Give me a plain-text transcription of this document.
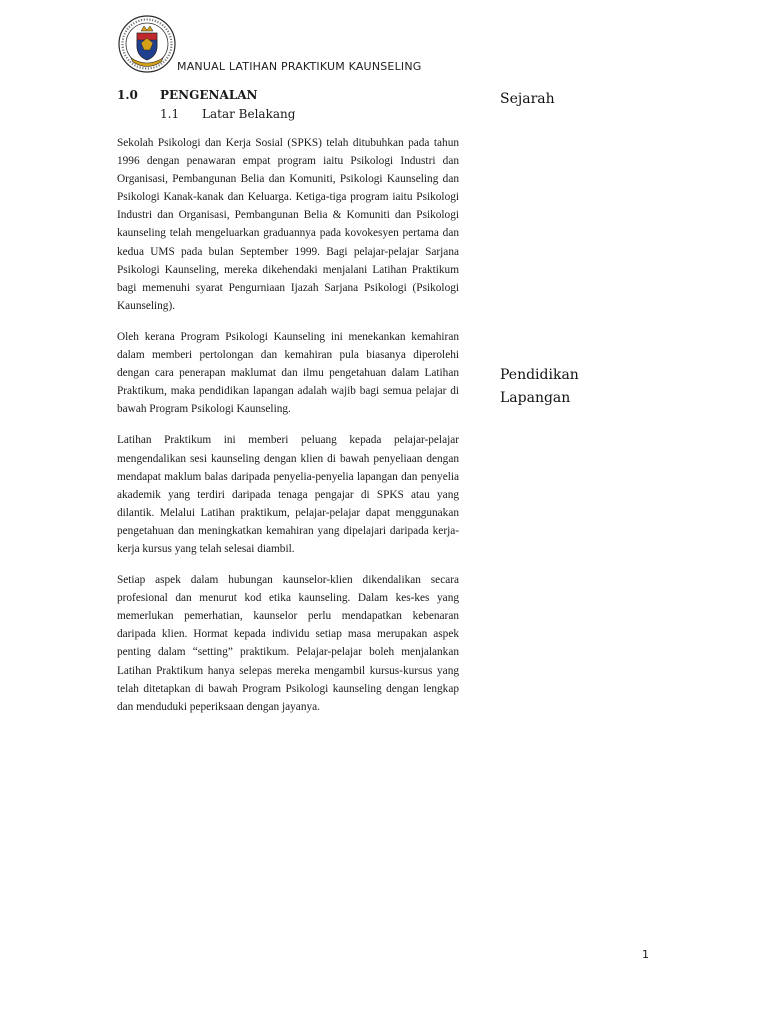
MANUAL LATIHAN PRAKTIKUM KAUNSELING
1.0 PENGENALAN
1.1 Latar Belakang

Sekolah Psikologi dan Kerja Sosial (SPKS) telah ditubuhkan pada tahun 1996 dengan penawaran empat program iaitu Psikologi Industri dan Organisasi, Pembangunan Belia dan Komuniti, Psikologi Kaunseling dan Psikologi Kanak-kanak dan Keluarga. Ketiga-tiga program iaitu Psikologi Industri dan Organisasi, Pembangunan Belia & Komuniti dan Psikologi kaunseling telah mengeluarkan graduannya pada kovokesyen pertama dan kedua UMS pada bulan September 1999. Bagi pelajar-pelajar Sarjana Psikologi Kaunseling, mereka dikehendaki menjalani Latihan Praktikum bagi memenuhi syarat Pengurniaan Ijazah Sarjana Psikologi (Psikologi Kaunseling).

Oleh kerana Program Psikologi Kaunseling ini menekankan kemahiran dalam memberi pertolongan dan kemahiran pula biasanya diperolehi dengan cara penerapan maklumat dan ilmu pengetahuan dalam Latihan Praktikum, maka pendidikan lapangan adalah wajib bagi semua pelajar di bawah Program Psikologi Kaunseling.

Latihan Praktikum ini memberi peluang kepada pelajar-pelajar mengendalikan sesi kaunseling dengan klien di bawah penyeliaan dengan mendapat maklum balas daripada penyelia-penyelia lapangan dan penyelia akademik yang terdiri daripada tenaga pengajar di SPKS atau yang dilantik. Melalui Latihan praktikum, pelajar-pelajar dapat menggunakan pengetahuan dan meningkatkan kemahiran yang dipelajari daripada kerja-kerja kursus yang telah selesai diambil.

Setiap aspek dalam hubungan kaunselor-klien dikendalikan secara profesional dan menurut kod etika kaunseling. Dalam kes-kes yang memerlukan pemerhatian, kaunselor perlu mendapatkan kebenaran daripada klien. Hormat kepada individu setiap masa merupakan aspek penting dalam “setting” praktikum. Pelajar-pelajar boleh menjalankan Latihan Praktikum hanya selepas mereka mengambil kursus-kursus yang telah ditetapkan di bawah Program Psikologi kaunseling dengan lengkap dan menduduki peperiksaan dengan jayanya.

Sejarah
Pendidikan
Lapangan
1
